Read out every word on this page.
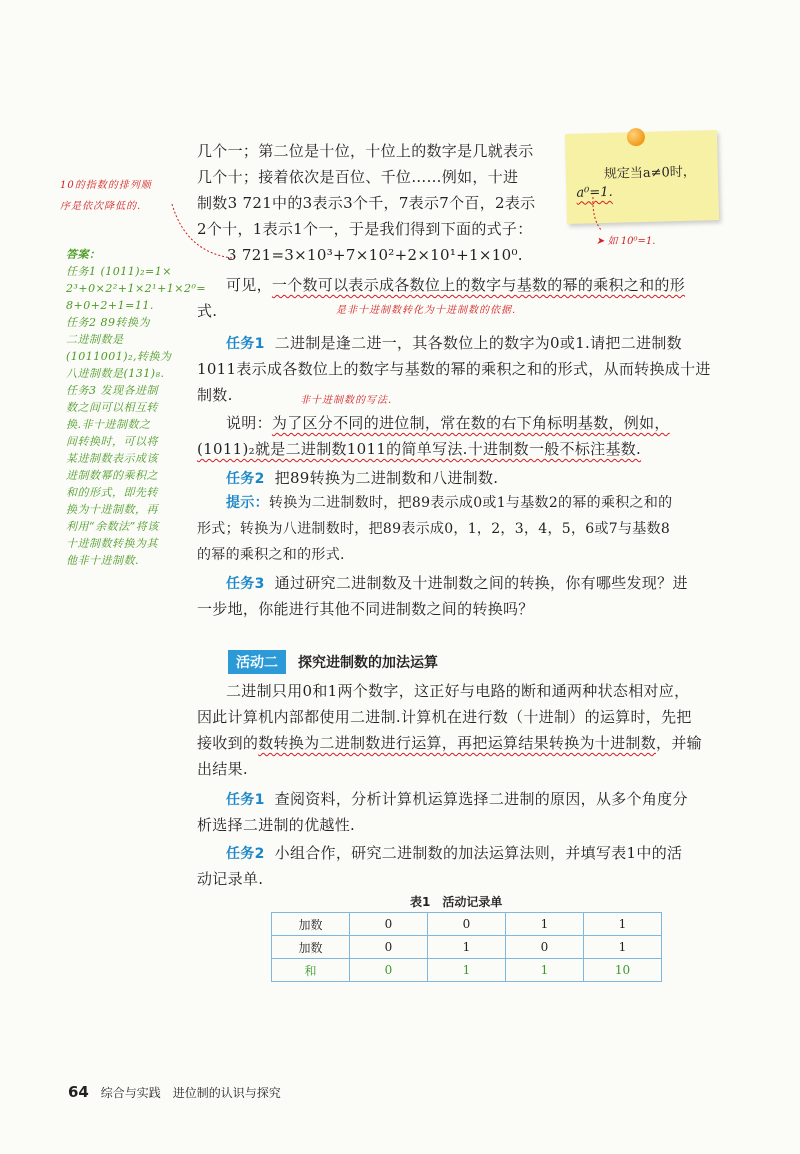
几个一；第二位是十位，十位上的数字是几就表示
几个十；接着依次是百位、千位……例如，十进
制数3 721中的3表示3个千，7表示7个百，2表示
2个十，1表示1个一，于是我们得到下面的式子：
3 721=3×10³+7×10²+2×10¹+1×10⁰.
规定当a≠0时，
a⁰=1.
➤ 如 10⁰=1.
10的指数的排列顺
序是依次降低的.
答案：
任务1 (1011)₂=1×
2³+0×2²+1×2¹+1×2⁰=
8+0+2+1=11.
任务2 89转换为
二进制数是
(1011001)₂,转换为
八进制数是(131)₈.
任务3 发现各进制
数之间可以相互转
换.非十进制数之
间转换时，可以将
某进制数表示成该
进制数幂的乘积之
和的形式，即先转
换为十进制数，再
利用“余数法”将该
十进制数转换为其
他非十进制数.
可见，一个数可以表示成各数位上的数字与基数的幂的乘积之和的形
式.	是非十进制数转化为十进制数的依据.
任务1 二进制是逢二进一，其各数位上的数字为0或1.请把二进制数
1011表示成各数位上的数字与基数的幂的乘积之和的形式，从而转换成十进
制数.	非十进制数的写法.
说明：为了区分不同的进位制，常在数的右下角标明基数，例如，
(1011)₂就是二进制数1011的简单写法.十进制数一般不标注基数.
任务2 把89转换为二进制数和八进制数.
提示：转换为二进制数时，把89表示成0或1与基数2的幂的乘积之和的
形式；转换为八进制数时，把89表示成0，1，2，3，4，5，6或7与基数8
的幂的乘积之和的形式.
任务3 通过研究二进制数及十进制数之间的转换，你有哪些发现？进
一步地，你能进行其他不同进制数之间的转换吗？
活动二	探究进制数的加法运算
二进制只用0和1两个数字，这正好与电路的断和通两种状态相对应，
因此计算机内部都使用二进制.计算机在进行数（十进制）的运算时，先把
接收到的数转换为二进制数进行运算，再把运算结果转换为十进制数，并输
出结果.
任务1 查阅资料，分析计算机运算选择二进制的原因，从多个角度分
析选择二进制的优越性.
任务2 小组合作，研究二进制数的加法运算法则，并填写表1中的活
动记录单.
表1　活动记录单
加数	0	0	1	1
加数	0	1	0	1
和	0	1	1	10
64 综合与实践　进位制的认识与探究
